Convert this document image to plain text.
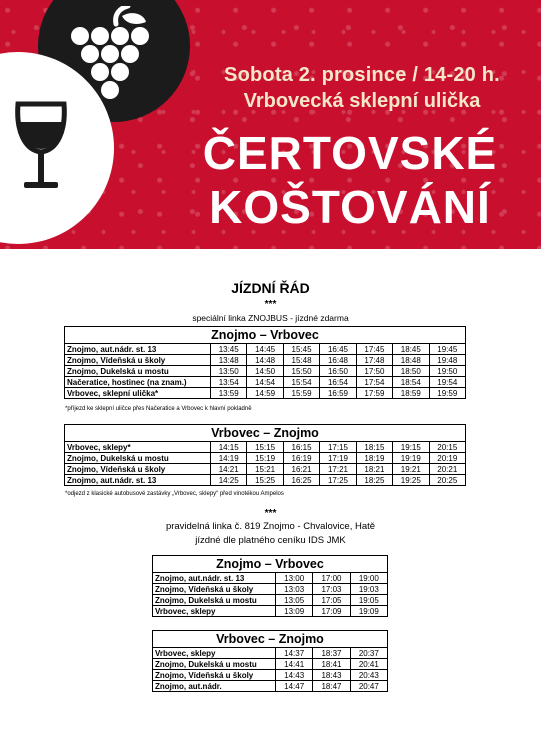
Sobota 2. prosince / 14-20 h.
Vrbovecká sklepní ulička
ČERTOVSKÉ
KOŠTOVÁNÍ
JÍZDNÍ ŘÁD
***
speciální linka ZNOJBUS - jízdné zdarma
Znojmo – Vrbovec							
Znojmo, aut.nádr. st. 13	13:45	14:45	15:45	16:45	17:45	18:45	19:45
Znojmo, Vídeňská u školy	13:48	14:48	15:48	16:48	17:48	18:48	19:48
Znojmo, Dukelská u mostu	13:50	14:50	15:50	16:50	17:50	18:50	19:50
Načeratice, hostinec (na znam.)	13:54	14:54	15:54	16:54	17:54	18:54	19:54
Vrbovec, sklepní ulička*	13:59	14:59	15:59	16:59	17:59	18:59	19:59
*příjezd ke sklepní uličce přes Načeratice a Vrbovec k hlavní pokladně
Vrbovec – Znojmo							
Vrbovec, sklepy*	14:15	15:15	16:15	17:15	18:15	19:15	20:15
Znojmo, Dukelská u mostu	14:19	15:19	16:19	17:19	18:19	19:19	20:19
Znojmo, Vídeňská u školy	14:21	15:21	16:21	17:21	18:21	19:21	20:21
Znojmo, aut.nádr. st. 13	14:25	15:25	16:25	17:25	18:25	19:25	20:25
*odjezd z klasické autobusové zastávky „Vrbovec, sklepy“ před vinotékou Ampelos
***
pravidelná linka č. 819 Znojmo - Chvalovice, Hatě
jízdné dle platného ceníku IDS JMK
Znojmo – Vrbovec			
Znojmo, aut.nádr. st. 13	13:00	17:00	19:00
Znojmo, Vídeňská u školy	13:03	17:03	19:03
Znojmo, Dukelská u mostu	13:05	17:05	19:05
Vrbovec, sklepy	13:09	17:09	19:09
Vrbovec – Znojmo			
Vrbovec, sklepy	14:37	18:37	20:37
Znojmo, Dukelská u mostu	14:41	18:41	20:41
Znojmo, Vídeňská u školy	14:43	18:43	20:43
Znojmo, aut.nádr.	14:47	18:47	20:47
